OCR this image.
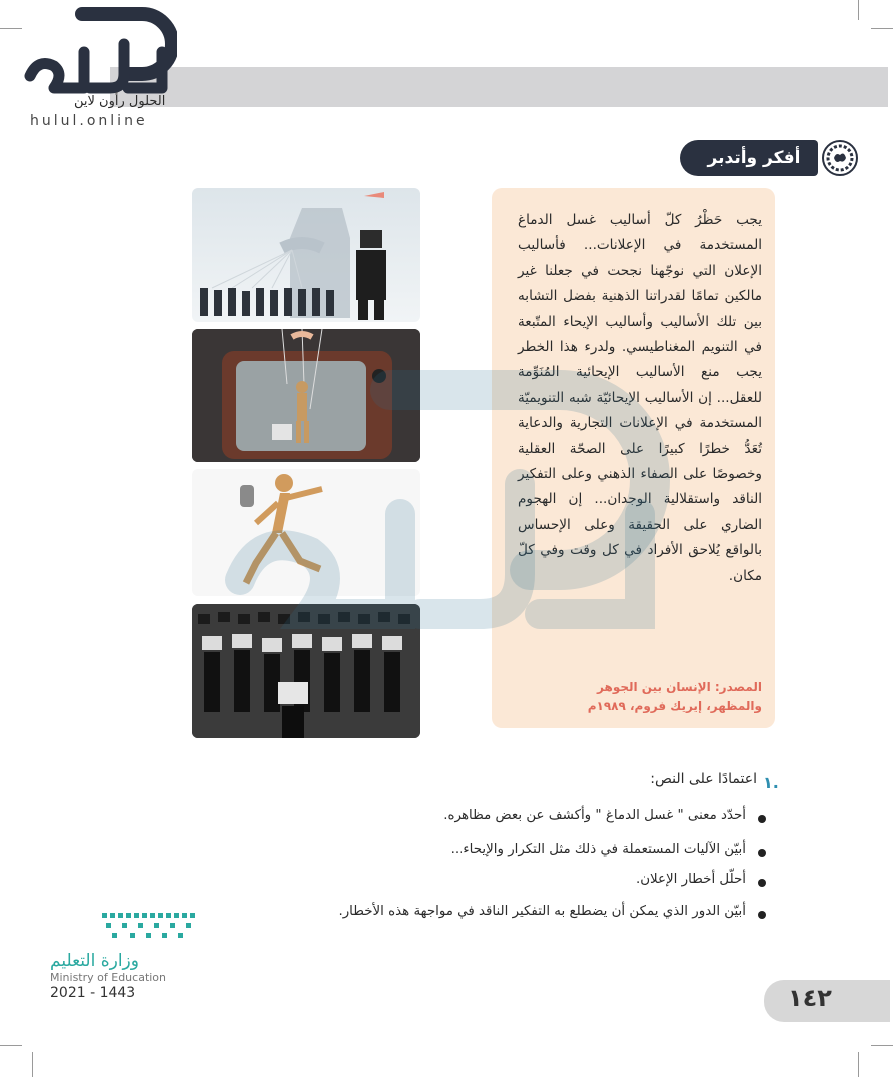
الحلول رأون لاين
hulul.online
أفكر وأتدبر
يجب حَظْرُ كلّ أساليب غسل الدماغ المستخدمة في الإعلانات... فأساليب الإعلان التي نوجّهنا نجحت في جعلنا غير مالكين تمامًا لقدراتنا الذهنية بفضل التشابه بين تلك الأساليب وأساليب الإيحاء المتّبعة في التنويم المغناطيسي. ولدرء هذا الخطر يجب منع الأساليب الإيحائية المُنَوِّمة للعقل... إن الأساليب الإيحائيّة شبه التنويميّة المستخدمة في الإعلانات التجارية والدعاية تُعَدُّ خطرًا كبيرًا على الصحّة العقلية وخصوصًا على الصفاء الذهني وعلى التفكير الناقد واستقلالية الوجدان... إن الهجوم الضاري على الحقيقة وعلى الإحساس بالواقع يُلاحق الأفراد في كل وقت وفي كلّ مكان.
المصدر: الإنسان بين الجوهر
والمظهر، إيريك فروم، ١٩٨٩م
١.
اعتمادًا على النص:
أحدّد معنى " غسل الدماغ " وأكشف عن بعض مظاهره.
أبيّن الآليات المستعملة في ذلك مثل التكرار والإيحاء...
أحلّل أخطار الإعلان.
أبيّن الدور الذي يمكن أن يضطلع به التفكير الناقد في مواجهة هذه الأخطار.
وزارة التعليم
Ministry of Education
2021 - 1443	١٤٢
